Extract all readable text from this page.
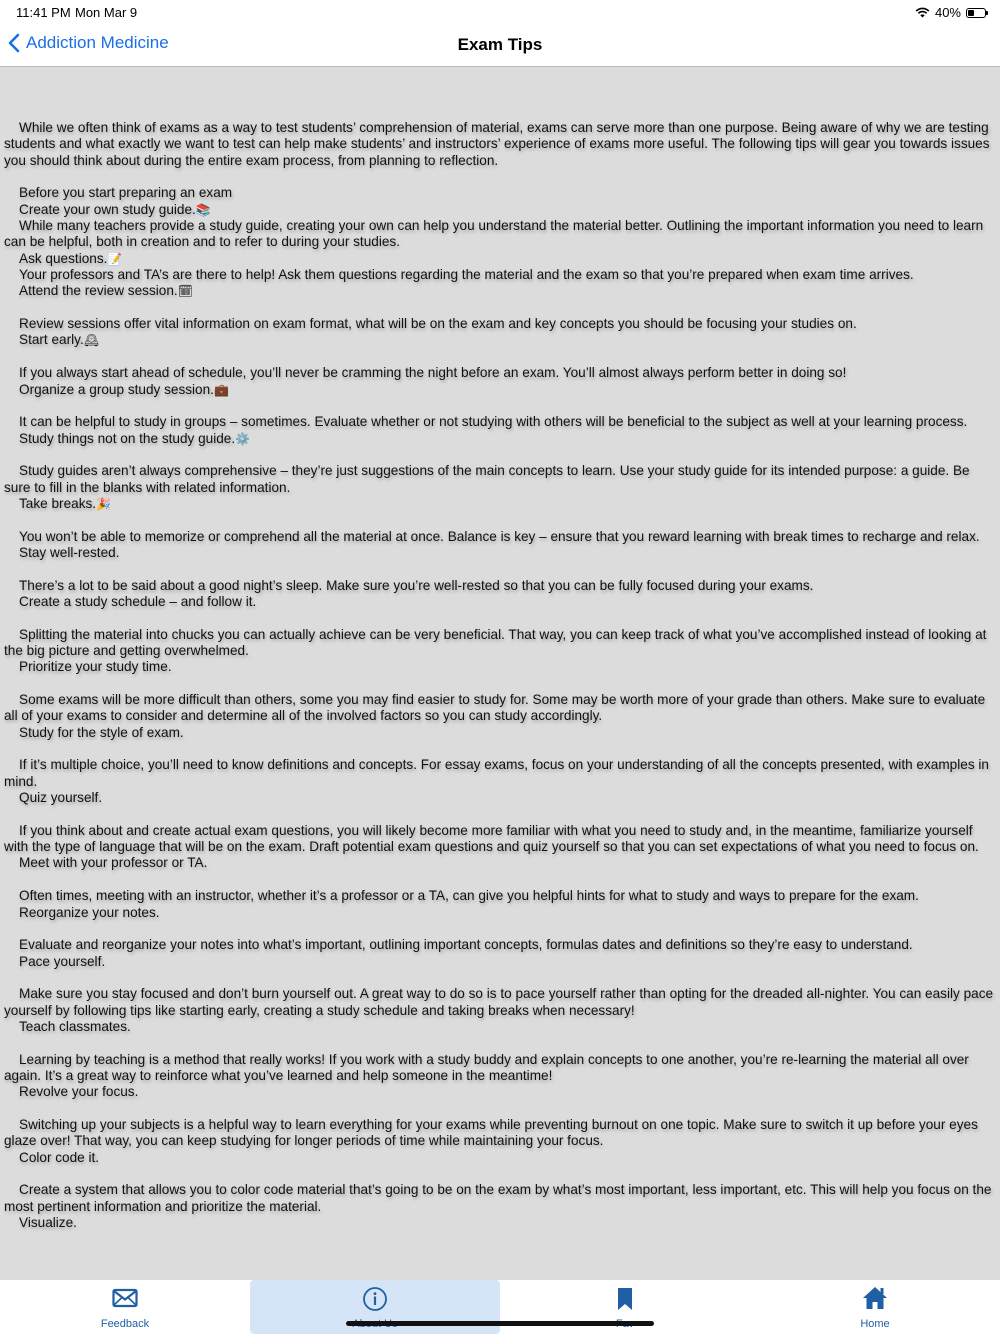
11:41 PM Mon Mar 9	40%
Addiction Medicine	Exam Tips
While we often think of exams as a way to test students’ comprehension of material, exams can serve more than one purpose. Being aware of why we are testing students and what exactly we want to test can help make students’ and instructors’ experience of exams more useful. The following tips will gear you towards issues you should think about during the entire exam process, from planning to reflection.
Before you start preparing an exam
Create your own study guide.📚
While many teachers provide a study guide, creating your own can help you understand the material better. Outlining the important information you need to learn can be helpful, both in creation and to refer to during your studies.
Ask questions.📝
Your professors and TA’s are there to help! Ask them questions regarding the material and the exam so that you’re prepared when exam time arrives.
Attend the review session.🗓
Review sessions offer vital information on exam format, what will be on the exam and key concepts you should be focusing your studies on.
Start early.🕰
If you always start ahead of schedule, you’ll never be cramming the night before an exam. You’ll almost always perform better in doing so!
Organize a group study session.💼
It can be helpful to study in groups – sometimes. Evaluate whether or not studying with others will be beneficial to the subject as well at your learning process.
Study things not on the study guide.⚙️
Study guides aren’t always comprehensive – they’re just suggestions of the main concepts to learn. Use your study guide for its intended purpose: a guide. Be sure to fill in the blanks with related information.
Take breaks.🎉
You won’t be able to memorize or comprehend all the material at once. Balance is key – ensure that you reward learning with break times to recharge and relax.
Stay well-rested.
There’s a lot to be said about a good night’s sleep. Make sure you’re well-rested so that you can be fully focused during your exams.
Create a study schedule – and follow it.
Splitting the material into chucks you can actually achieve can be very beneficial. That way, you can keep track of what you’ve accomplished instead of looking at the big picture and getting overwhelmed.
Prioritize your study time.
Some exams will be more difficult than others, some you may find easier to study for. Some may be worth more of your grade than others. Make sure to evaluate all of your exams to consider and determine all of the involved factors so you can study accordingly.
Study for the style of exam.
If it’s multiple choice, you’ll need to know definitions and concepts. For essay exams, focus on your understanding of all the concepts presented, with examples in mind.
Quiz yourself.
If you think about and create actual exam questions, you will likely become more familiar with what you need to study and, in the meantime, familiarize yourself with the type of language that will be on the exam. Draft potential exam questions and quiz yourself so that you can set expectations of what you need to focus on.
Meet with your professor or TA.
Often times, meeting with an instructor, whether it’s a professor or a TA, can give you helpful hints for what to study and ways to prepare for the exam.
Reorganize your notes.
Evaluate and reorganize your notes into what’s important, outlining important concepts, formulas dates and definitions so they’re easy to understand.
Pace yourself.
Make sure you stay focused and don’t burn yourself out. A great way to do so is to pace yourself rather than opting for the dreaded all-nighter. You can easily pace yourself by following tips like starting early, creating a study schedule and taking breaks when necessary!
Teach classmates.
Learning by teaching is a method that really works! If you work with a study buddy and explain concepts to one another, you’re re-learning the material all over again. It’s a great way to reinforce what you’ve learned and help someone in the meantime!
Revolve your focus.
Switching up your subjects is a helpful way to learn everything for your exams while preventing burnout on one topic. Make sure to switch it up before your eyes glaze over! That way, you can keep studying for longer periods of time while maintaining your focus.
Color code it.
Create a system that allows you to color code material that’s going to be on the exam by what’s most important, less important, etc. This will help you focus on the most pertinent information and prioritize the material.
Visualize.
Feedback	Home
